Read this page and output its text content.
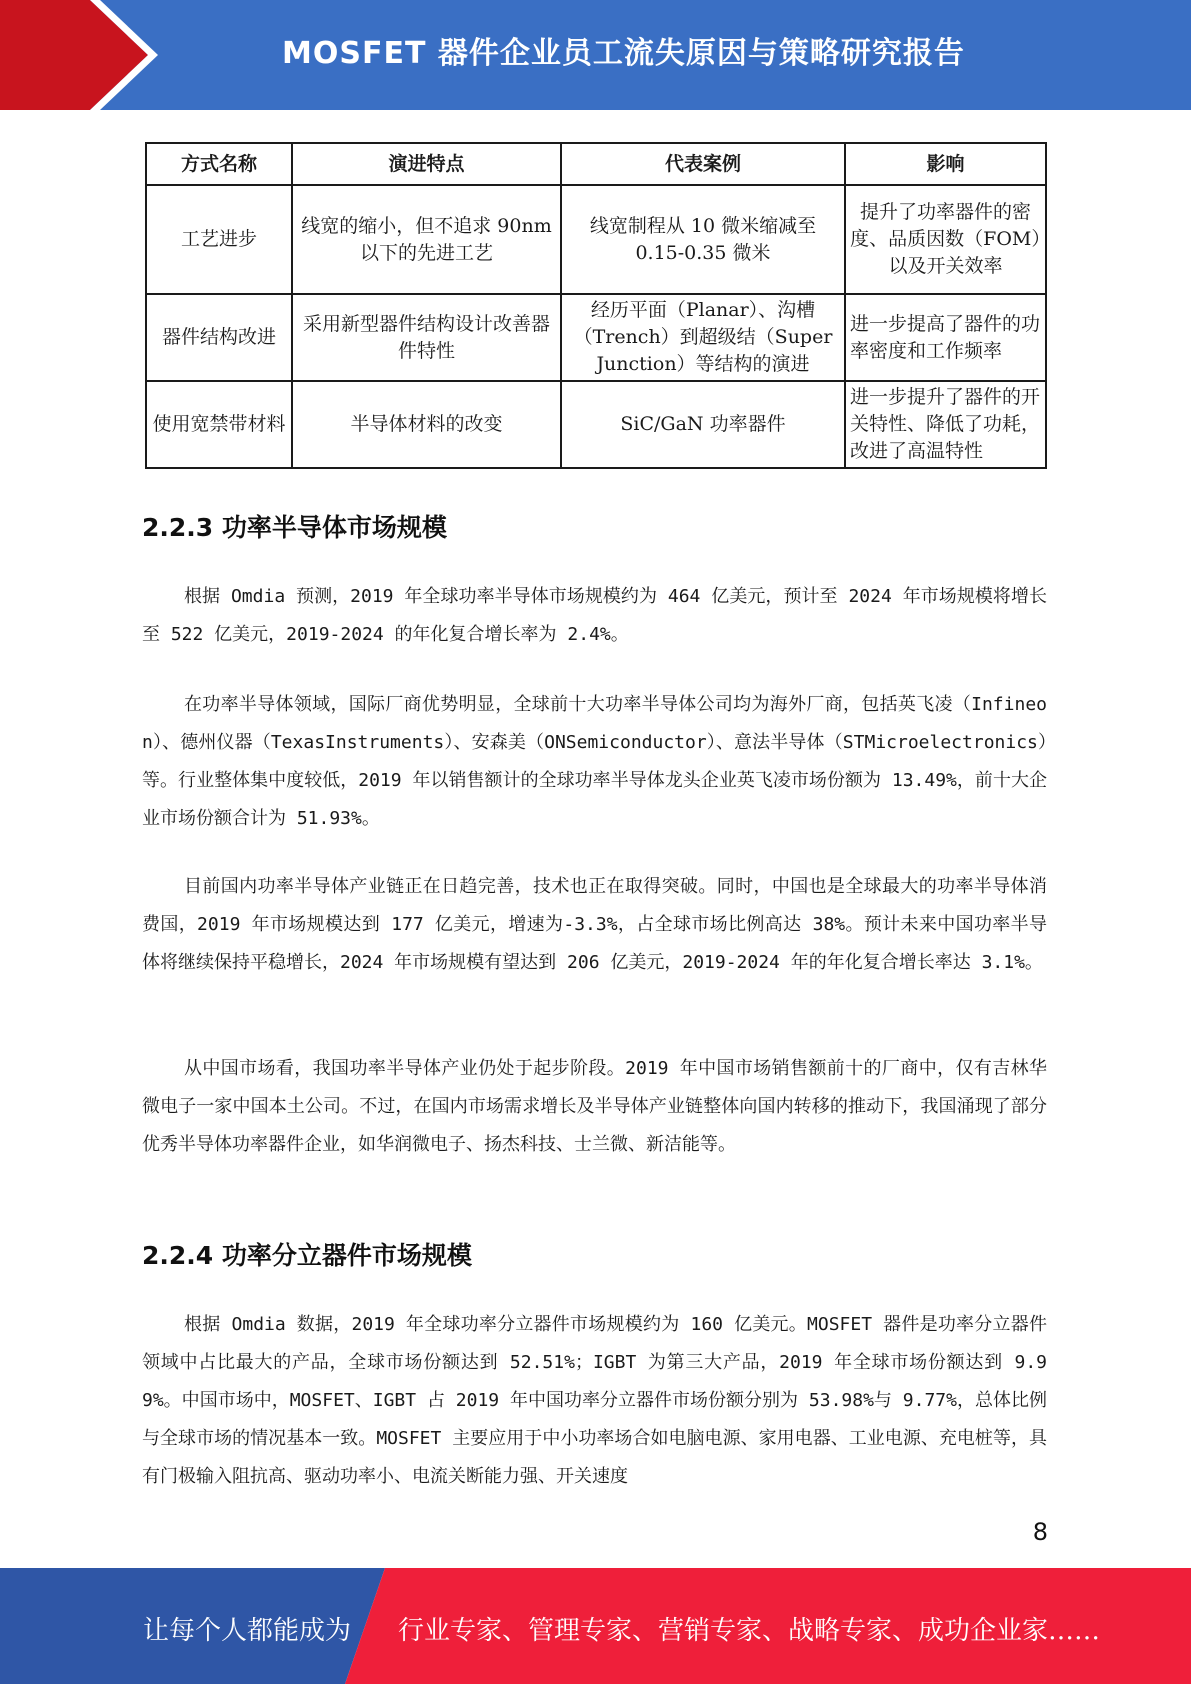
MOSFET 器件企业员工流失原因与策略研究报告
方式名称	演进特点	代表案例	影响
工艺进步	线宽的缩小，但不追求 90nm 以下的先进工艺	线宽制程从 10 微米缩减至 0.15-0.35 微米	提升了功率器件的密度、品质因数（FOM）以及开关效率
器件结构改进	采用新型器件结构设计改善器件特性	经历平面（Planar）、沟槽（Trench）到超级结（Super Junction）等结构的演进	进一步提高了器件的功率密度和工作频率
使用宽禁带材料	半导体材料的改变	SiC/GaN 功率器件	进一步提升了器件的开关特性、降低了功耗，改进了高温特性
2.2.3 功率半导体市场规模

根据 Omdia 预测，2019 年全球功率半导体市场规模约为 464 亿美元，预计至 2024 年市场规模将增长至 522 亿美元，2019-2024 的年化复合增长率为 2.4%。

在功率半导体领域，国际厂商优势明显，全球前十大功率半导体公司均为海外厂商，包括英飞凌（Infineon）、德州仪器（TexasInstruments）、安森美（ONSemiconductor）、意法半导体（STMicroelectronics）等。行业整体集中度较低，2019 年以销售额计的全球功率半导体龙头企业英飞凌市场份额为 13.49%，前十大企业市场份额合计为 51.93%。

目前国内功率半导体产业链正在日趋完善，技术也正在取得突破。同时，中国也是全球最大的功率半导体消费国，2019 年市场规模达到 177 亿美元，增速为-3.3%，占全球市场比例高达 38%。预计未来中国功率半导体将继续保持平稳增长，2024 年市场规模有望达到 206 亿美元，2019-2024 年的年化复合增长率达 3.1%。

从中国市场看，我国功率半导体产业仍处于起步阶段。2019 年中国市场销售额前十的厂商中，仅有吉林华微电子一家中国本土公司。不过，在国内市场需求增长及半导体产业链整体向国内转移的推动下，我国涌现了部分优秀半导体功率器件企业，如华润微电子、扬杰科技、士兰微、新洁能等。

2.2.4 功率分立器件市场规模

根据 Omdia 数据，2019 年全球功率分立器件市场规模约为 160 亿美元。MOSFET 器件是功率分立器件领域中占比最大的产品，全球市场份额达到 52.51%；IGBT 为第三大产品，2019 年全球市场份额达到 9.99%。中国市场中，MOSFET、IGBT 占 2019 年中国功率分立器件市场份额分别为 53.98%与 9.77%，总体比例与全球市场的情况基本一致。MOSFET 主要应用于中小功率场合如电脑电源、家用电器、工业电源、充电桩等，具有门极输入阻抗高、驱动功率小、电流关断能力强、开关速度

8
让每个人都能成为 行业专家、管理专家、营销专家、战略专家、成功企业家……
